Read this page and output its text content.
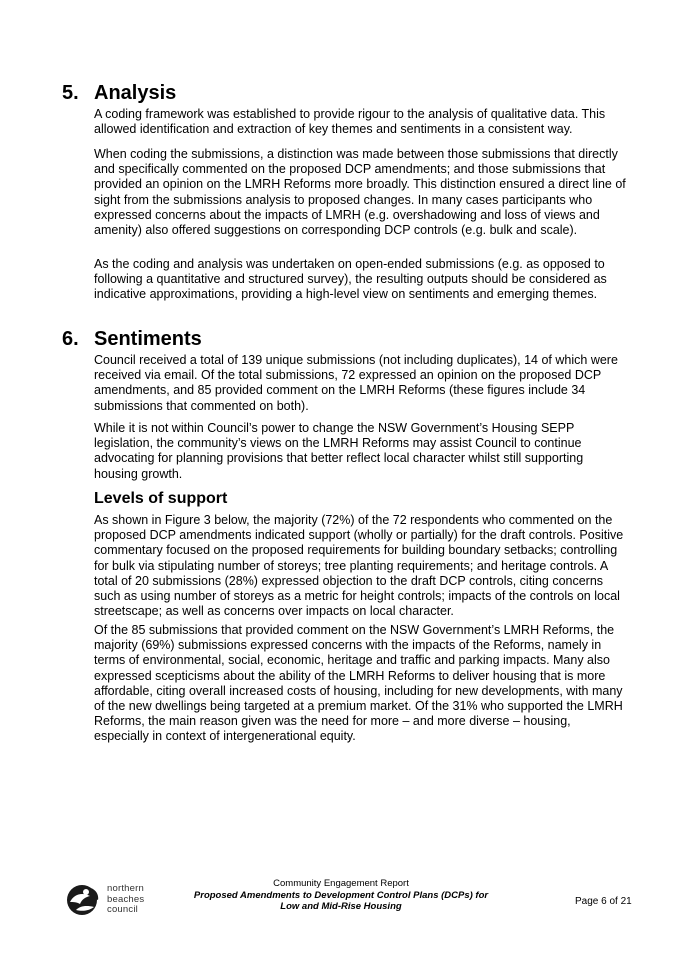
5. Analysis

A coding framework was established to provide rigour to the analysis of qualitative data. This allowed identification and extraction of key themes and sentiments in a consistent way.

When coding the submissions, a distinction was made between those submissions that directly and specifically commented on the proposed DCP amendments; and those submissions that provided an opinion on the LMRH Reforms more broadly. This distinction ensured a direct line of sight from the submissions analysis to proposed changes. In many cases participants who expressed concerns about the impacts of LMRH (e.g. overshadowing and loss of views and amenity) also offered suggestions on corresponding DCP controls (e.g. bulk and scale).

As the coding and analysis was undertaken on open-ended submissions (e.g. as opposed to following a quantitative and structured survey), the resulting outputs should be considered as indicative approximations, providing a high-level view on sentiments and emerging themes.

6. Sentiments

Council received a total of 139 unique submissions (not including duplicates), 14 of which were received via email. Of the total submissions, 72 expressed an opinion on the proposed DCP amendments, and 85 provided comment on the LMRH Reforms (these figures include 34 submissions that commented on both).

While it is not within Council’s power to change the NSW Government’s Housing SEPP legislation, the community’s views on the LMRH Reforms may assist Council to continue advocating for planning provisions that better reflect local character whilst still supporting housing growth.

Levels of support

As shown in Figure 3 below, the majority (72%) of the 72 respondents who commented on the proposed DCP amendments indicated support (wholly or partially) for the draft controls. Positive commentary focused on the proposed requirements for building boundary setbacks; controlling for bulk via stipulating number of storeys; tree planting requirements; and heritage controls. A total of 20 submissions (28%) expressed objection to the draft DCP controls, citing concerns such as using number of storeys as a metric for height controls; impacts of the controls on local streetscape; as well as concerns over impacts on local character.

Of the 85 submissions that provided comment on the NSW Government’s LMRH Reforms, the majority (69%) submissions expressed concerns with the impacts of the Reforms, namely in terms of environmental, social, economic, heritage and traffic and parking impacts. Many also expressed scepticisms about the ability of the LMRH Reforms to deliver housing that is more affordable, citing overall increased costs of housing, including for new developments, with many of the new dwellings being targeted at a premium market. Of the 31% who supported the LMRH Reforms, the main reason given was the need for more – and more diverse – housing, especially in context of intergenerational equity.

northern
beaches
council
Community Engagement Report
Proposed Amendments to Development Control Plans (DCPs) for
Low and Mid-Rise Housing	Page 6 of 21
